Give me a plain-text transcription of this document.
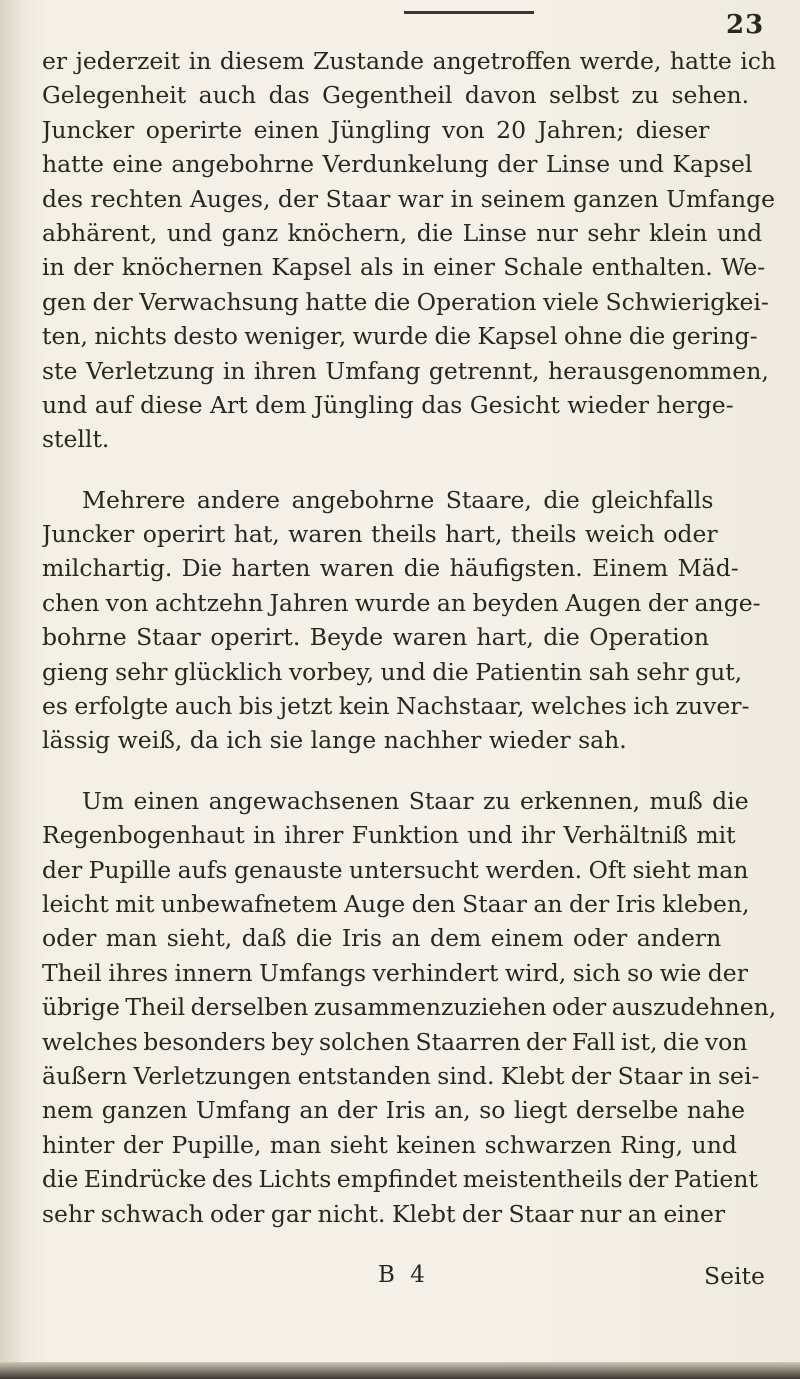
23
er jederzeit in diesem Zustande angetroffen werde, hatte ich
Gelegenheit auch das Gegentheil davon selbst zu sehen.
Juncker operirte einen Jüngling von 20 Jahren; dieser
hatte eine angebohrne Verdunkelung der Linse und Kapsel
des rechten Auges, der Staar war in seinem ganzen Umfange
abhärent, und ganz knöchern, die Linse nur sehr klein und
in der knöchernen Kapsel als in einer Schale enthalten. We-
gen der Verwachsung hatte die Operation viele Schwierigkei-
ten, nichts desto weniger, wurde die Kapsel ohne die gering-
ste Verletzung in ihren Umfang getrennt, herausgenommen,
und auf diese Art dem Jüngling das Gesicht wieder herge-
stellt.
Mehrere andere angebohrne Staare, die gleichfalls
Juncker operirt hat, waren theils hart, theils weich oder
milchartig. Die harten waren die häufigsten. Einem Mäd-
chen von achtzehn Jahren wurde an beyden Augen der ange-
bohrne Staar operirt. Beyde waren hart, die Operation
gieng sehr glücklich vorbey, und die Patientin sah sehr gut,
es erfolgte auch bis jetzt kein Nachstaar, welches ich zuver-
lässig weiß, da ich sie lange nachher wieder sah.
Um einen angewachsenen Staar zu erkennen, muß die
Regenbogenhaut in ihrer Funktion und ihr Verhältniß mit
der Pupille aufs genauste untersucht werden. Oft sieht man
leicht mit unbewafnetem Auge den Staar an der Iris kleben,
oder man sieht, daß die Iris an dem einem oder andern
Theil ihres innern Umfangs verhindert wird, sich so wie der
übrige Theil derselben zusammenzuziehen oder auszudehnen,
welches besonders bey solchen Staarren der Fall ist, die von
äußern Verletzungen entstanden sind. Klebt der Staar in sei-
nem ganzen Umfang an der Iris an, so liegt derselbe nahe
hinter der Pupille, man sieht keinen schwarzen Ring, und
die Eindrücke des Lichts empfindet meistentheils der Patient
sehr schwach oder gar nicht. Klebt der Staar nur an einer
B 4	Seite
